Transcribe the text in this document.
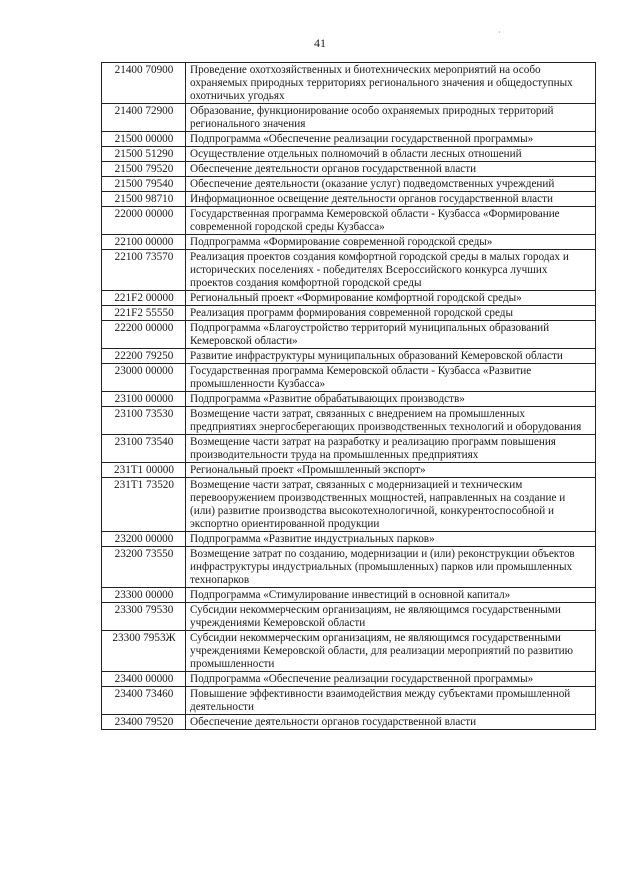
41
·
21400 70900	Проведение охотхозяйственных и биотехнических мероприятий на особо охраняемых природных территориях регионального значения и общедоступных охотничьих угодьях
21400 72900	Образование, функционирование особо охраняемых природных территорий регионального значения
21500 00000	Подпрограмма «Обеспечение реализации государственной программы»
21500 51290	Осуществление отдельных полномочий в области лесных отношений
21500 79520	Обеспечение деятельности органов государственной власти
21500 79540	Обеспечение деятельности (оказание услуг) подведомственных учреждений
21500 98710	Информационное освещение деятельности органов государственной власти
22000 00000	Государственная программа Кемеровской области - Кузбасса «Формирование современной городской среды Кузбасса»
22100 00000	Подпрограмма «Формирование современной городской среды»
22100 73570	Реализация проектов создания комфортной городской среды в малых городах и исторических поселениях - победителях Всероссийского конкурса лучших проектов создания комфортной городской среды
221F2 00000	Региональный проект «Формирование комфортной городской среды»
221F2 55550	Реализация программ формирования современной городской среды
22200 00000	Подпрограмма «Благоустройство территорий муниципальных образований Кемеровской области»
22200 79250	Развитие инфраструктуры муниципальных образований Кемеровской области
23000 00000	Государственная программа Кемеровской области - Кузбасса «Развитие промышленности Кузбасса»
23100 00000	Подпрограмма «Развитие обрабатывающих производств»
23100 73530	Возмещение части затрат, связанных с внедрением на промышленных предприятиях энергосберегающих производственных технологий и оборудования
23100 73540	Возмещение части затрат на разработку и реализацию программ повышения производительности труда на промышленных предприятиях
231T1 00000	Региональный проект «Промышленный экспорт»
231T1 73520	Возмещение части затрат, связанных с модернизацией и техническим перевооружением производственных мощностей, направленных на создание и (или) развитие производства высокотехнологичной, конкурентоспособной и экспортно ориентированной продукции
23200 00000	Подпрограмма «Развитие индустриальных парков»
23200 73550	Возмещение затрат по созданию, модернизации и (или) реконструкции объектов инфраструктуры индустриальных (промышленных) парков или промышленных технопарков
23300 00000	Подпрограмма «Стимулирование инвестиций в основной капитал»
23300 79530	Субсидии некоммерческим организациям, не являющимся государственными учреждениями Кемеровской области
23300 7953Ж	Субсидии некоммерческим организациям, не являющимся государственными учреждениями Кемеровской области, для реализации мероприятий по развитию промышленности
23400 00000	Подпрограмма «Обеспечение реализации государственной программы»
23400 73460	Повышение эффективности взаимодействия между субъектами промышленной деятельности
23400 79520	Обеспечение деятельности органов государственной власти
